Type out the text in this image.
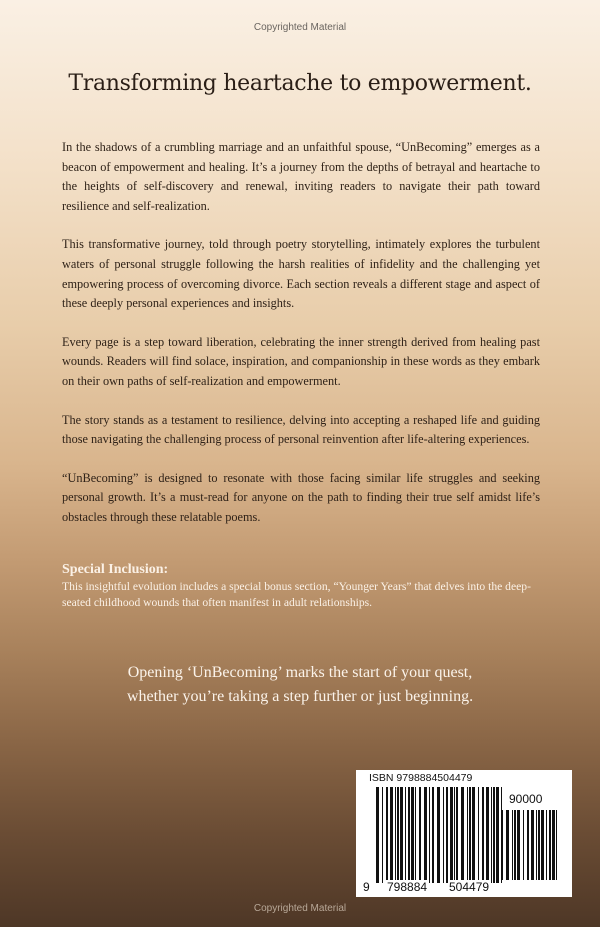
Copyrighted Material
Transforming heartache to empowerment.

In the shadows of a crumbling marriage and an unfaithful spouse, “UnBecoming” emerges as a beacon of empowerment and healing. It’s a journey from the depths of betrayal and heartache to the heights of self-discovery and renewal, inviting readers to navigate their path toward resilience and self-realization.

This transformative journey, told through poetry storytelling, intimately explores the turbulent waters of personal struggle following the harsh realities of infidelity and the challenging yet empowering process of overcoming divorce. Each section reveals a different stage and aspect of these deeply personal experiences and insights.

Every page is a step toward liberation, celebrating the inner strength derived from healing past wounds. Readers will find solace, inspiration, and companionship in these words as they embark on their own paths of self-realization and empowerment.

The story stands as a testament to resilience, delving into accepting a reshaped life and guiding those navigating the challenging process of personal reinvention after life-altering experiences.

“UnBecoming” is designed to resonate with those facing similar life struggles and seeking personal growth. It’s a must-read for anyone on the path to finding their true self amidst life’s obstacles through these relatable poems.

Special Inclusion:

This insightful evolution includes a special bonus section, “Younger Years” that delves into the deep-seated childhood wounds that often manifest in adult relationships.

Opening ‘UnBecoming’ marks the start of your quest,
whether you’re taking a step further or just beginning.
ISBN 9798884504479
90000
9 798884 504479
Copyrighted Material
